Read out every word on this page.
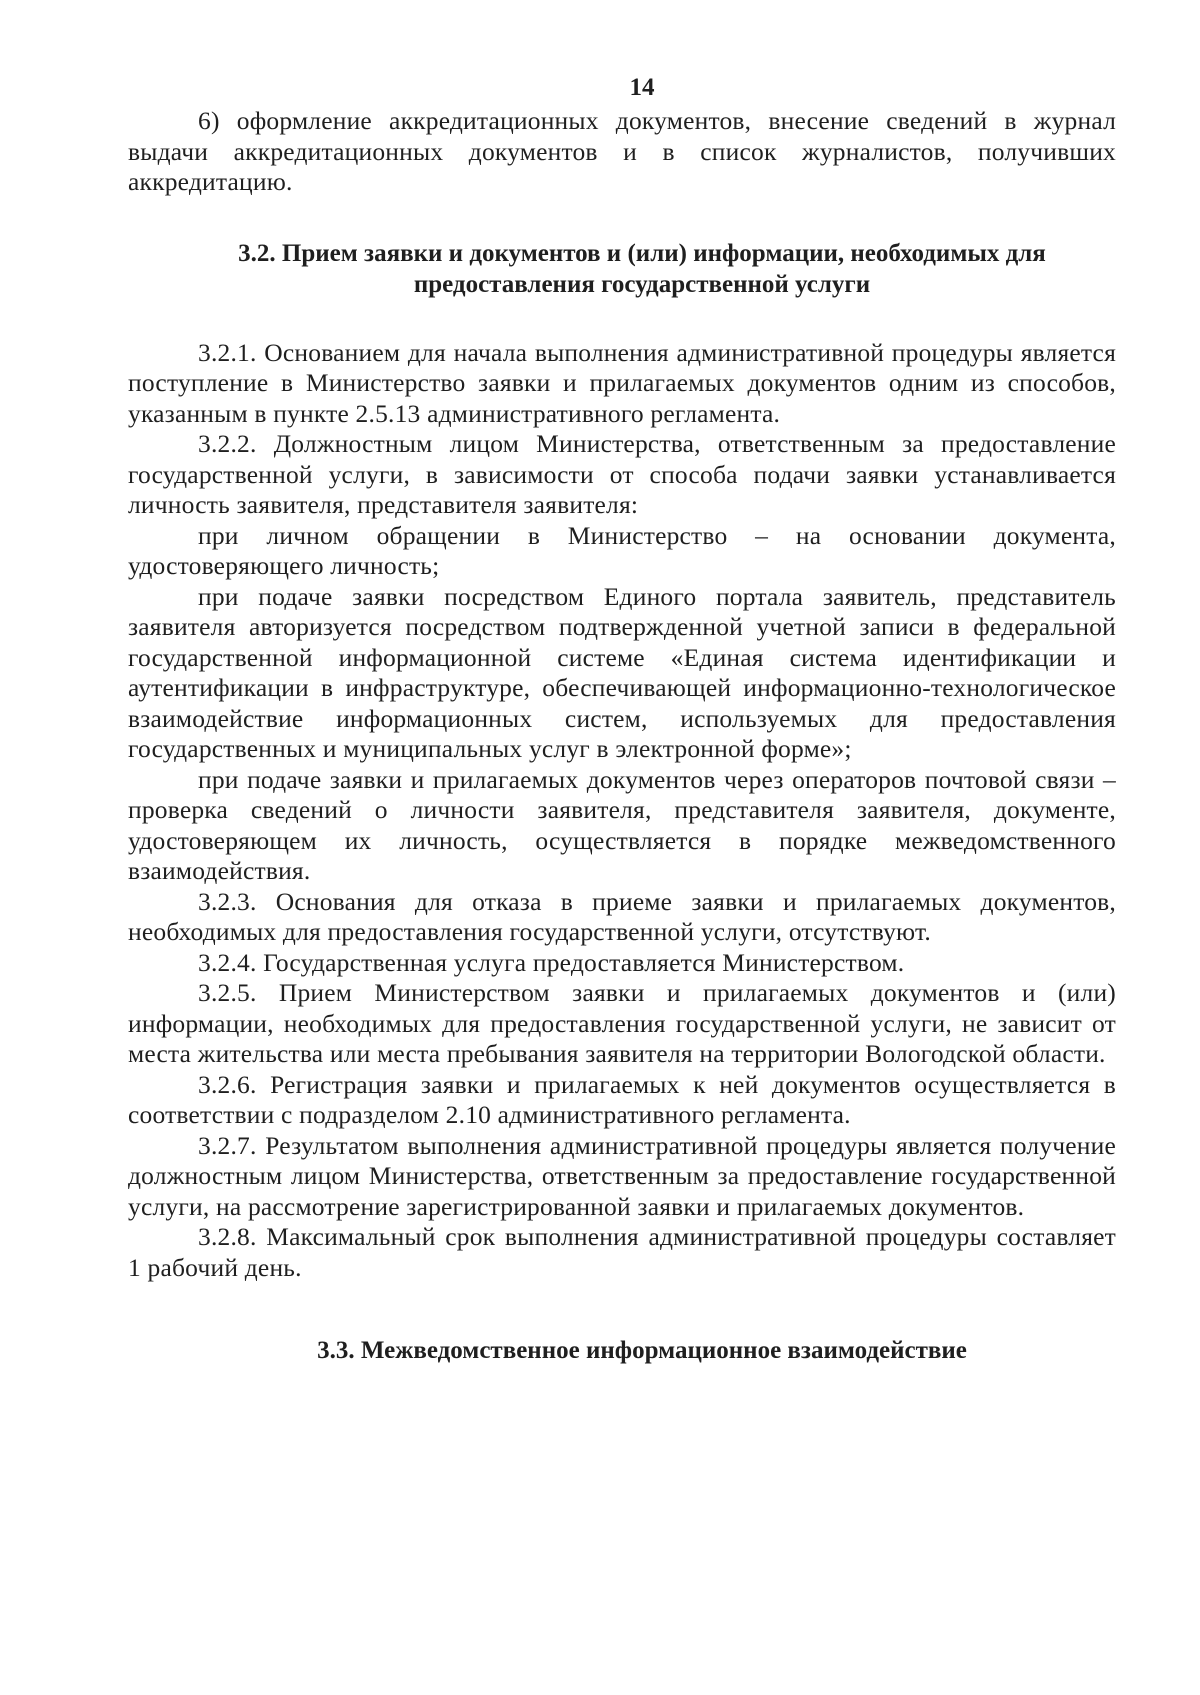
14

6) оформление аккредитационных документов, внесение сведений в журнал выдачи аккредитационных документов и в список журналистов, получивших аккредитацию.

3.2. Прием заявки и документов и (или) информации, необходимых для предоставления государственной услуги

3.2.1. Основанием для начала выполнения административной процедуры является поступление в Министерство заявки и прилагаемых документов одним из способов, указанным в пункте 2.5.13 административного регламента.

3.2.2. Должностным лицом Министерства, ответственным за предоставление государственной услуги, в зависимости от способа подачи заявки устанавливается личность заявителя, представителя заявителя:

при личном обращении в Министерство – на основании документа, удостоверяющего личность;

при подаче заявки посредством Единого портала заявитель, представитель заявителя авторизуется посредством подтвержденной учетной записи в федеральной государственной информационной системе «Единая система идентификации и аутентификации в инфраструктуре, обеспечивающей информационно-технологическое взаимодействие информационных систем, используемых для предоставления государственных и муниципальных услуг в электронной форме»;

при подаче заявки и прилагаемых документов через операторов почтовой связи – проверка сведений о личности заявителя, представителя заявителя, документе, удостоверяющем их личность, осуществляется в порядке межведомственного взаимодействия.

3.2.3. Основания для отказа в приеме заявки и прилагаемых документов, необходимых для предоставления государственной услуги, отсутствуют.

3.2.4. Государственная услуга предоставляется Министерством.

3.2.5. Прием Министерством заявки и прилагаемых документов и (или) информации, необходимых для предоставления государственной услуги, не зависит от места жительства или места пребывания заявителя на территории Вологодской области.

3.2.6. Регистрация заявки и прилагаемых к ней документов осуществляется в соответствии с подразделом 2.10 административного регламента.

3.2.7. Результатом выполнения административной процедуры является получение должностным лицом Министерства, ответственным за предоставление государственной услуги, на рассмотрение зарегистрированной заявки и прилагаемых документов.

3.2.8. Максимальный срок выполнения административной процедуры составляет 1 рабочий день.

3.3. Межведомственное информационное взаимодействие
